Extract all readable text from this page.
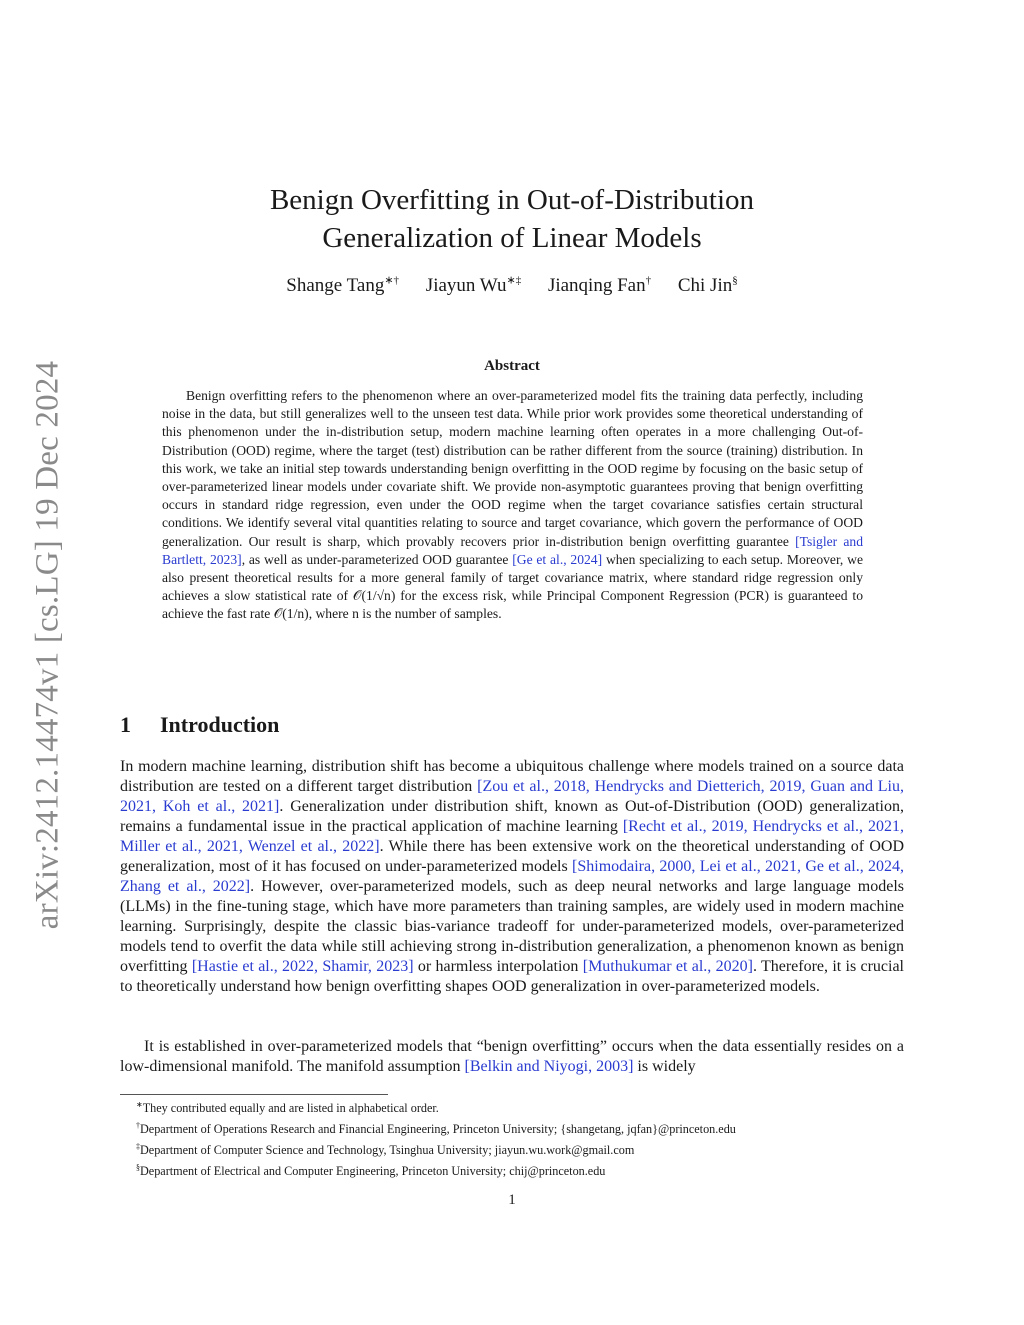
arXiv:2412.14474v1 [cs.LG] 19 Dec 2024
Benign Overfitting in Out-of-Distribution
Generalization of Linear Models
Shange Tang∗† Jiayun Wu∗‡ Jianqing Fan† Chi Jin§
Abstract

Benign overfitting refers to the phenomenon where an over-parameterized model fits the training data perfectly, including noise in the data, but still generalizes well to the unseen test data. While prior work provides some theoretical understanding of this phenomenon under the in-distribution setup, modern machine learning often operates in a more challenging Out-of-Distribution (OOD) regime, where the target (test) distribution can be rather different from the source (training) distribution. In this work, we take an initial step towards understanding benign overfitting in the OOD regime by focusing on the basic setup of over-parameterized linear models under covariate shift. We provide non-asymptotic guarantees proving that benign overfitting occurs in standard ridge regression, even under the OOD regime when the target covariance satisfies certain structural conditions. We identify several vital quantities relating to source and target covariance, which govern the performance of OOD generalization. Our result is sharp, which provably recovers prior in-distribution benign overfitting guarantee [Tsigler and Bartlett, 2023], as well as under-parameterized OOD guarantee [Ge et al., 2024] when specializing to each setup. Moreover, we also present theoretical results for a more general family of target covariance matrix, where standard ridge regression only achieves a slow statistical rate of 𝒪(1/√n) for the excess risk, while Principal Component Regression (PCR) is guaranteed to achieve the fast rate 𝒪(1/n), where n is the number of samples.

1 Introduction

In modern machine learning, distribution shift has become a ubiquitous challenge where models trained on a source data distribution are tested on a different target distribution [Zou et al., 2018, Hendrycks and Dietterich, 2019, Guan and Liu, 2021, Koh et al., 2021]. Generalization under distribution shift, known as Out-of-Distribution (OOD) generalization, remains a fundamental issue in the practical application of machine learning [Recht et al., 2019, Hendrycks et al., 2021, Miller et al., 2021, Wenzel et al., 2022]. While there has been extensive work on the theoretical understanding of OOD generalization, most of it has focused on under-parameterized models [Shimodaira, 2000, Lei et al., 2021, Ge et al., 2024, Zhang et al., 2022]. However, over-parameterized models, such as deep neural networks and large language models (LLMs) in the fine-tuning stage, which have more parameters than training samples, are widely used in modern machine learning. Surprisingly, despite the classic bias-variance tradeoff for under-parameterized models, over-parameterized models tend to overfit the data while still achieving strong in-distribution generalization, a phenomenon known as benign overfitting [Hastie et al., 2022, Shamir, 2023] or harmless interpolation [Muthukumar et al., 2020]. Therefore, it is crucial to theoretically understand how benign overfitting shapes OOD generalization in over-parameterized models.

It is established in over-parameterized models that “benign overfitting” occurs when the data essentially resides on a low-dimensional manifold. The manifold assumption [Belkin and Niyogi, 2003] is widely

∗They contributed equally and are listed in alphabetical order.
†Department of Operations Research and Financial Engineering, Princeton University; {shangetang, jqfan}@princeton.edu
‡Department of Computer Science and Technology, Tsinghua University; jiayun.wu.work@gmail.com
§Department of Electrical and Computer Engineering, Princeton University; chij@princeton.edu
1
